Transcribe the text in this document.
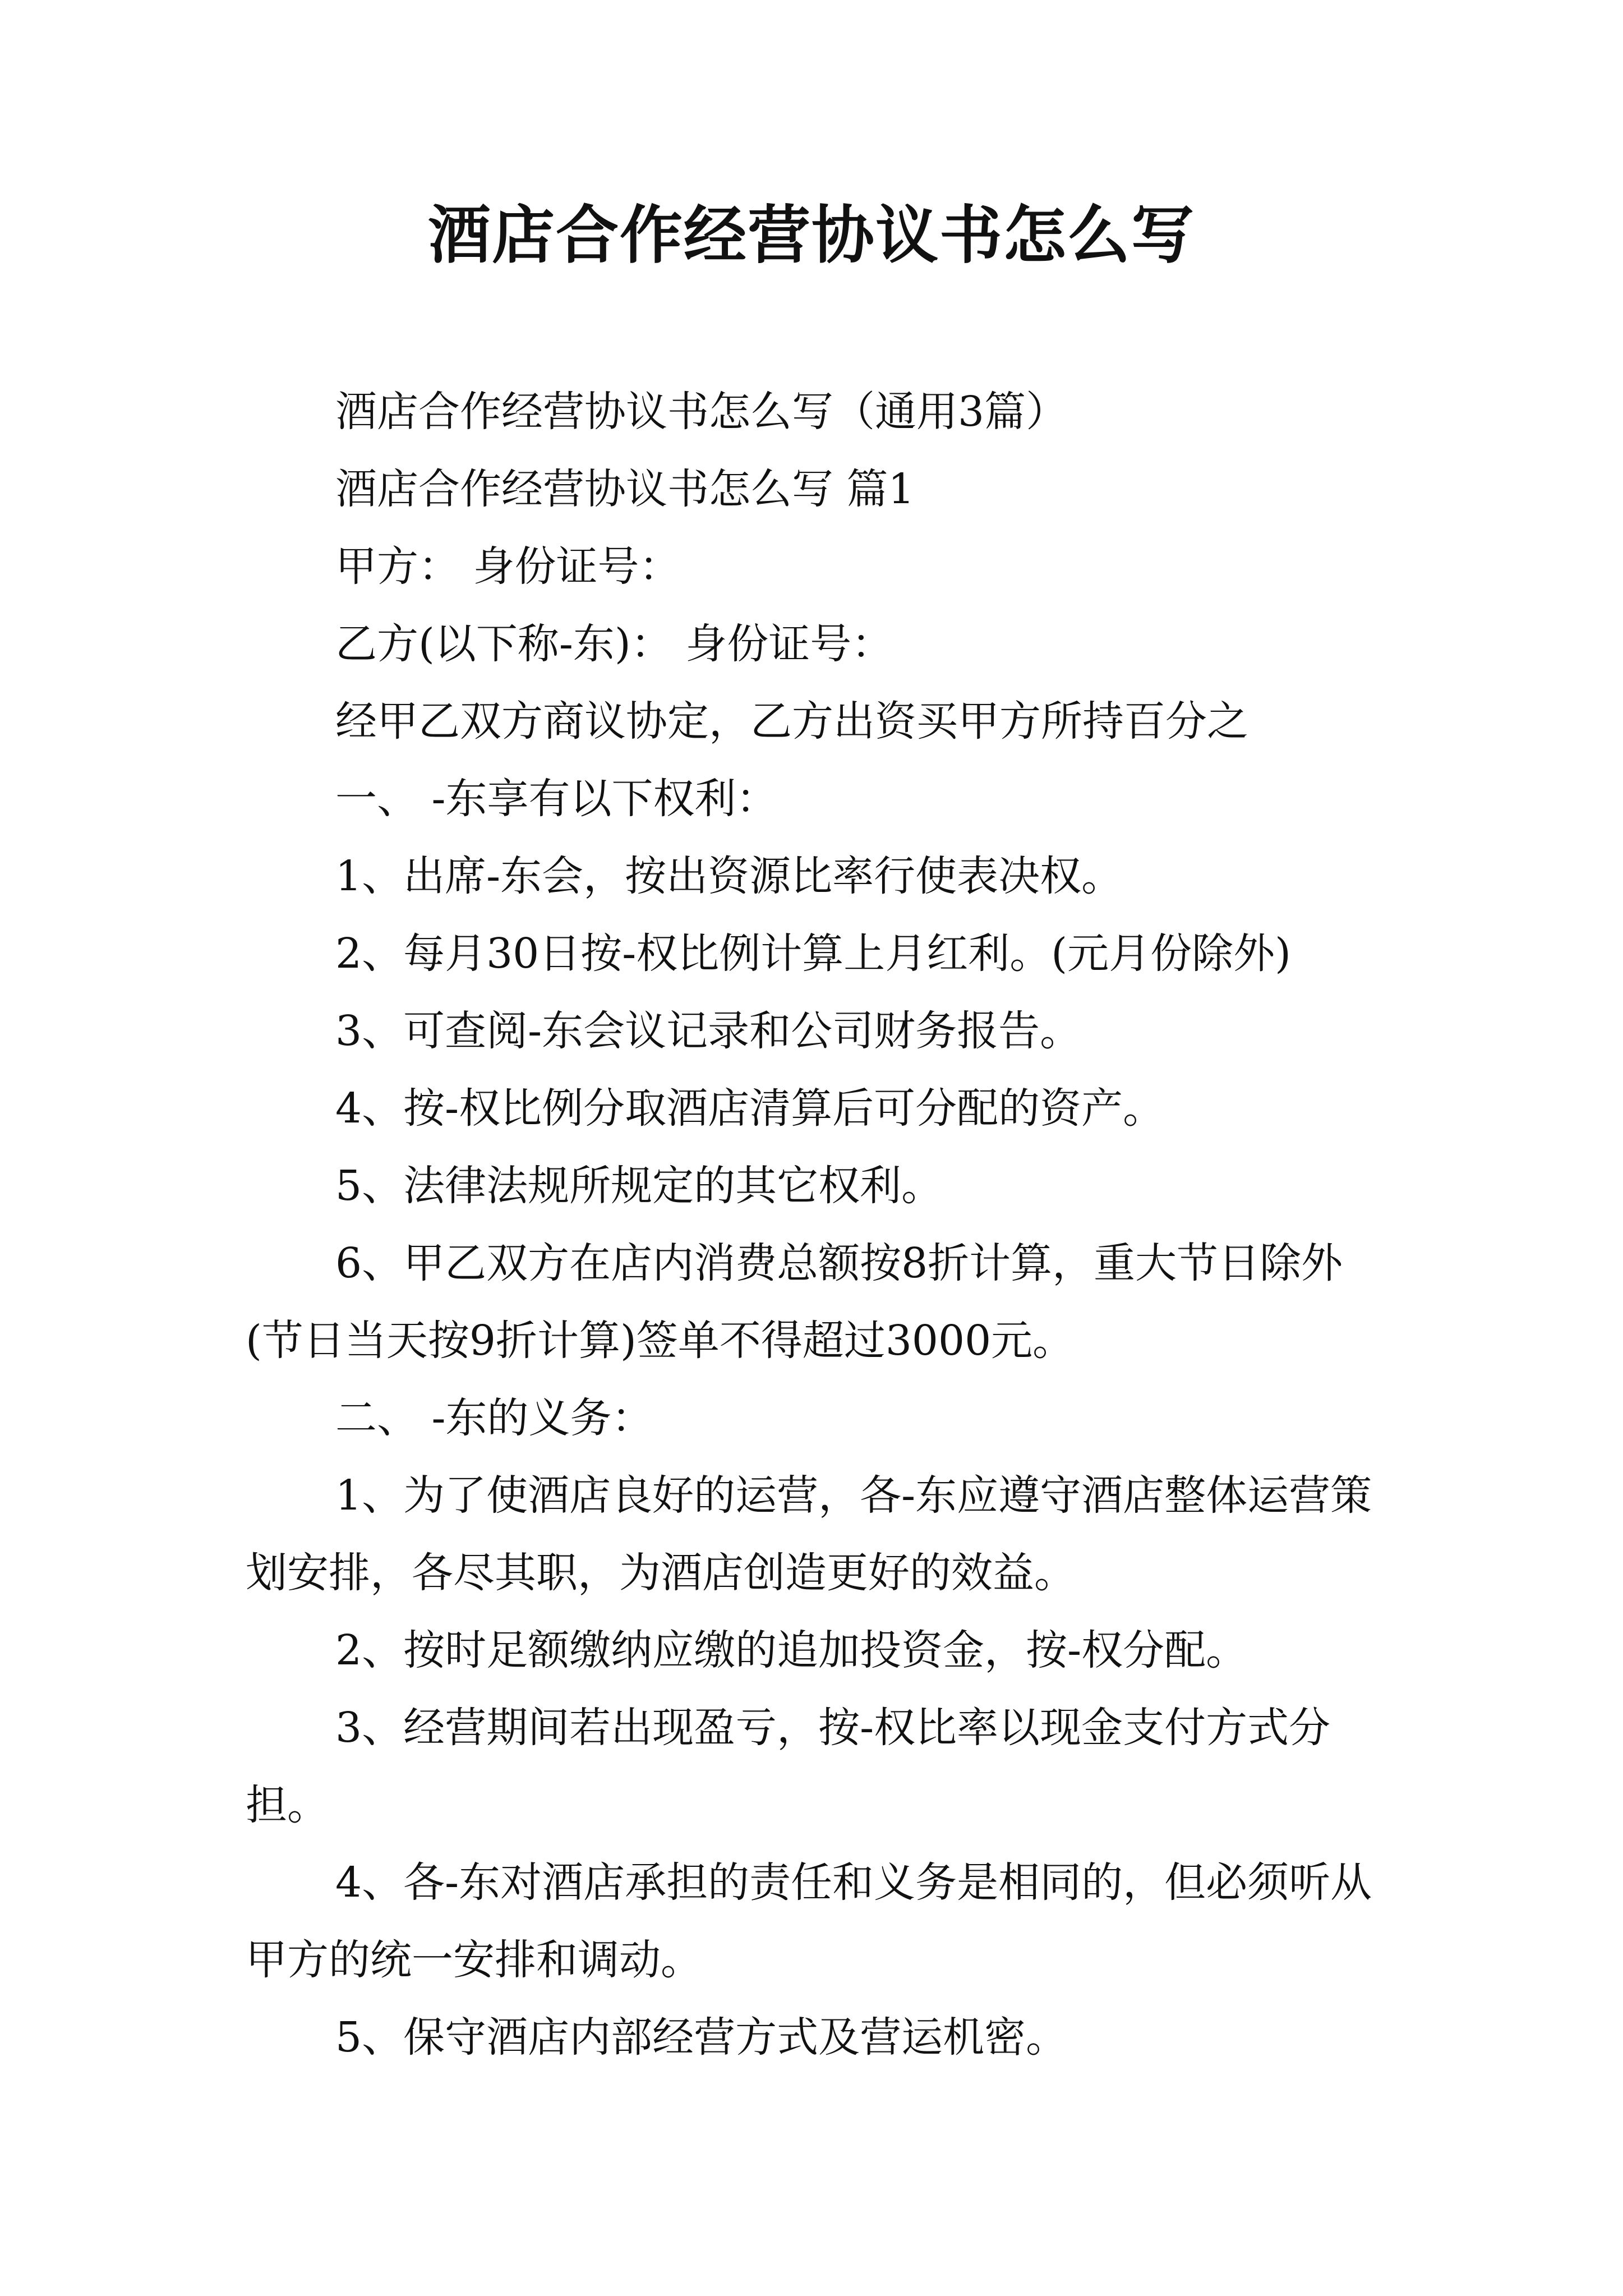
酒店合作经营协议书怎么写

酒店合作经营协议书怎么写（通用3篇）

酒店合作经营协议书怎么写 篇1

甲方： 身份证号：

乙方(以下称-东)： 身份证号：

经甲乙双方商议协定，乙方出资买甲方所持百分之

一、 -东享有以下权利：

1、出席-东会，按出资源比率行使表决权。

2、每月30日按-权比例计算上月红利。(元月份除外)

3、可查阅-东会议记录和公司财务报告。

4、按-权比例分取酒店清算后可分配的资产。

5、法律法规所规定的其它权利。

6、甲乙双方在店内消费总额按8折计算，重大节日除外(节日当天按9折计算)签单不得超过3000元。

二、 -东的义务：

1、为了使酒店良好的运营，各-东应遵守酒店整体运营策划安排，各尽其职，为酒店创造更好的效益。

2、按时足额缴纳应缴的追加投资金，按-权分配。

3、经营期间若出现盈亏，按-权比率以现金支付方式分担。

4、各-东对酒店承担的责任和义务是相同的，但必须听从甲方的统一安排和调动。

5、保守酒店内部经营方式及营运机密。
